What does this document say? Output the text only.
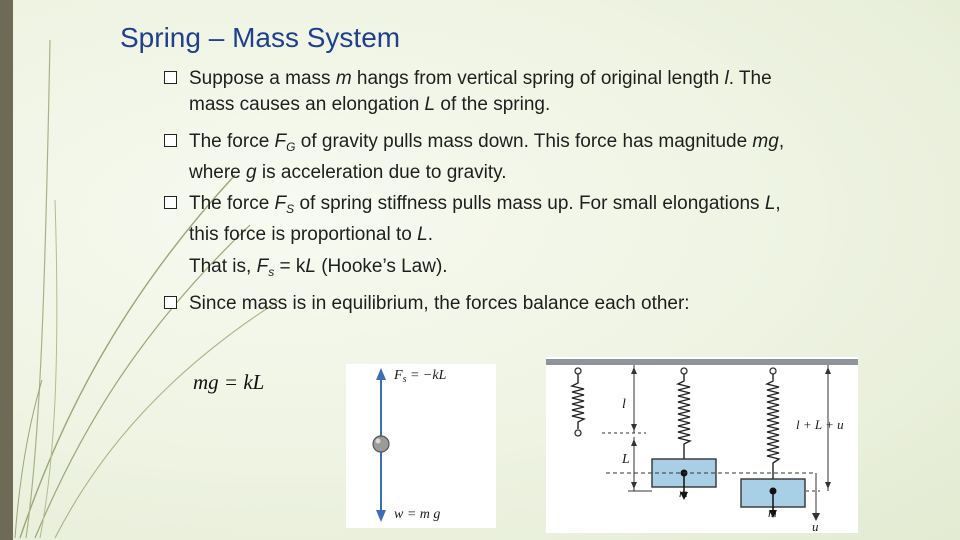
Spring – Mass System
Suppose a mass m hangs from vertical spring of original length l. The mass causes an elongation L of the spring.
The force $F_G$ of gravity pulls mass down. This force has magnitude mg, where g is acceleration due to gravity.
The force $F_S$ of spring stiffness pulls mass up. For small elongations L, this force is proportional to L.
That is, $F_s$ = kL (Hooke’s Law).
Since mass is in equilibrium, the forces balance each other:
mg = kL	$F_s = -kL$
w = m g
l
L
m
m
l + L + u
u
